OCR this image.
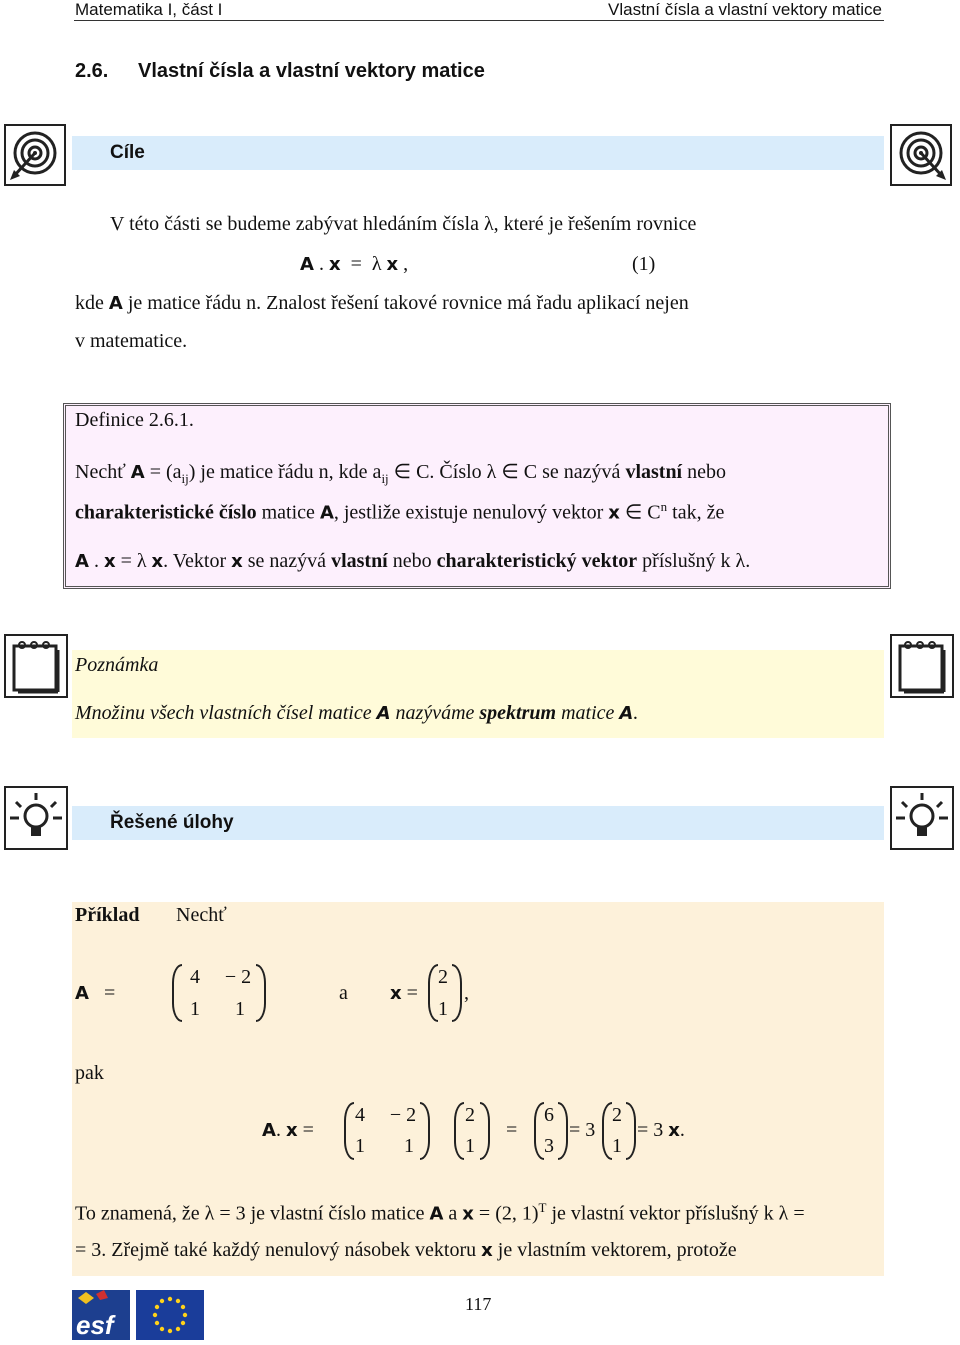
Matematika I, část I	Vlastní čísla a vlastní vektory matice
2.6. Vlastní čísla a vlastní vektory matice
Cíle
V této části se budeme zabývat hledáním čísla λ, které je řešením rovnice
A . x = λ x ,	(1)
kde A je matice řádu n. Znalost řešení takové rovnice má řadu aplikací nejen
v matematice.
Definice 2.6.1.
Nechť $A = (a_{ij})$ je matice řádu n, kde $a_{ij}$ ∈ C. Číslo λ ∈ C se nazývá vlastní nebo
charakteristické číslo matice A, jestliže existuje nenulový vektor x ∈ $C^n$ tak, že
A . x = λ x. Vektor x se nazývá vlastní nebo charakteristický vektor příslušný k λ.
Poznámka
Množinu všech vlastních čísel matice A nazýváme spektrum matice A.
Řešené úlohy
Příklad Nechť
A =
4 − 2
1 1
a x =
2
1
,
pak
A. x =
4 − 2
1 1
2
1
=
6
3
= 3
2
1
= 3 x.
To znamená, že λ = 3 je vlastní číslo matice A a x = (2, 1)$^T$ je vlastní vektor příslušný k λ =
= 3. Zřejmě také každý nenulový násobek vektoru x je vlastním vektorem, protože
esf
117
